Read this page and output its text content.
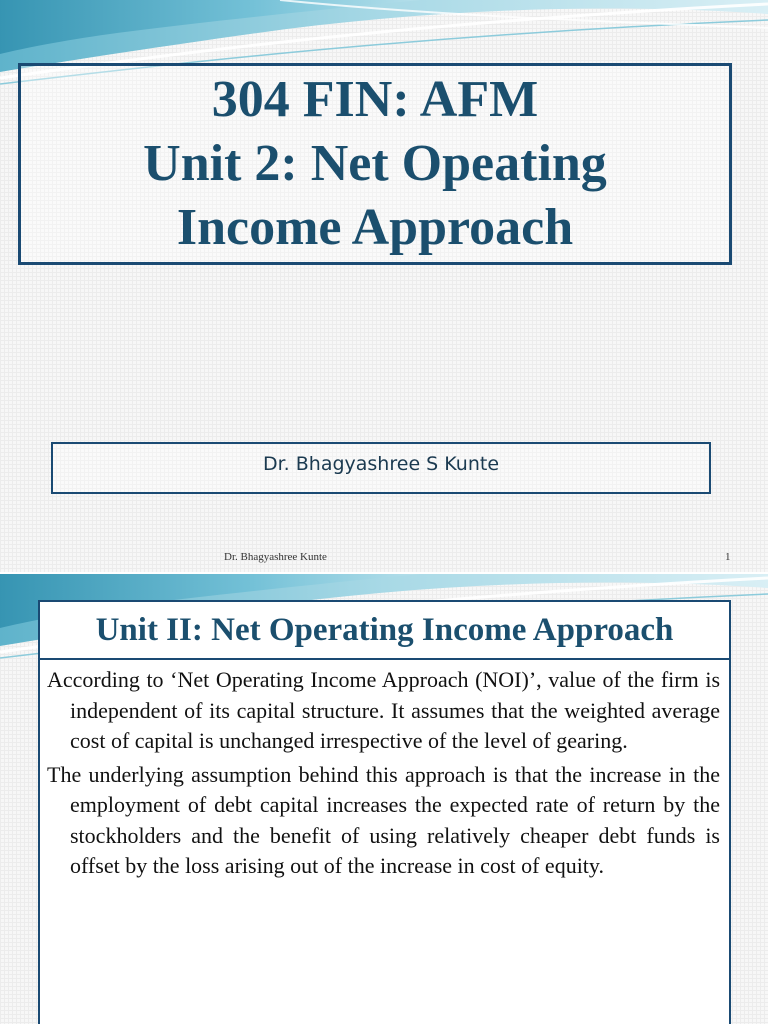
304 FIN: AFM
Unit 2: Net Opeating
Income Approach
Dr. Bhagyashree S Kunte
Dr. Bhagyashree Kunte	1
Unit II: Net Operating Income Approach

According to ‘Net Operating Income Approach (NOI)’, value of the firm is independent of its capital structure. It assumes that the weighted average cost of capital is unchanged irrespective of the level of gearing.

The underlying assumption behind this approach is that the increase in the employment of debt capital increases the expected rate of return by the stockholders and the benefit of using relatively cheaper debt funds is offset by the loss arising out of the increase in cost of equity.
